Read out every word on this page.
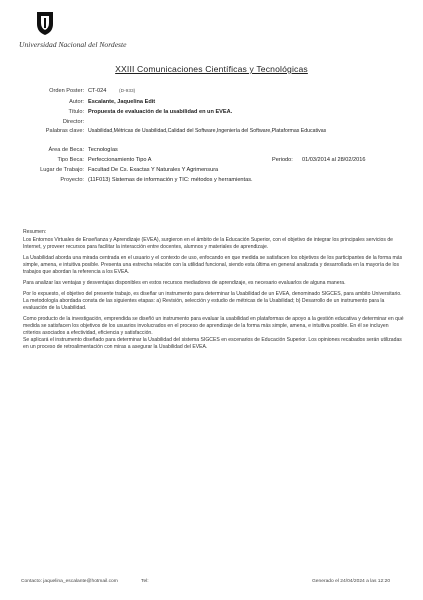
Universidad Nacional del Nordeste
XXIII Comunicaciones Científicas y Tecnológicas
Orden Poster: CT-024	(D-933)
Autor: Escalante, Jaquelina Edit
Título: Propuesta de evaluación de la usabilidad en un EVEA.
Director:
Palabras clave: Usabilidad,Métricas de Usabilidad,Calidad del Software,Ingeniería del Software,Plataformas Educativas
Área de Beca: Tecnologías
Tipo Beca: Perfeccionamiento Tipo A	Periodo: 01/03/2014 al 28/02/2016
Lugar de Trabajo: Facultad De Cs. Exactas Y Naturales Y Agrimensura
Proyecto: (11F013) Sistemas de información y TIC: métodos y herramientas.

Resumen:

Los Entornos Virtuales de Enseñanza y Aprendizaje (EVEA), surgieron en el ámbito de la Educación Superior, con el objetivo de integrar los principales servicios de Internet, y proveer recursos para facilitar la interacción entre docentes, alumnos y materiales de aprendizaje.

La Usabilidad aborda una mirada centrada en el usuario y el contexto de uso, enfocando en que medida se satisfacen los objetivos de los participantes de la forma más simple, amena, e intuitiva posible. Presenta una estrecha relación con la utilidad funcional, siendo esta última en general analizada y desarrollada en la mayoría de los trabajos que abordan la referencia a los EVEA.

Para analizar las ventajas y desventajas disponibles en estos recursos mediadores de aprendizaje, es necesario evaluarlos de alguna manera.

Por lo expuesto, el objetivo del presente trabajo, es diseñar un instrumento para determinar la Usabilidad de un EVEA, denominado SIGCES, para ambito Universitario.

La metodología abordada consta de las siguientes etapas: a) Revisión, selección y estudio de métricas de la Usabilidad; b) Desarrollo de un instrumento para la evaluación de la Usabilidad.

Como producto de la investigación, emprendida se diseñó un instrumento para evaluar la usabilidad en plataformas de apoyo a la gestión educativa y determinar en qué medida se satisfacen los objetivos de los usuarios involucrados en el proceso de aprendizaje de la forma más simple, amena, e intuitiva posible. En él se incluyen criterios asociados a efectividad, eficiencia y satisfacción.

Se aplicará el instrumento diseñado para determinar la Usabilidad del sistema SIGCES en escenarios de Educación Superior. Los opiniones recabados serán utilizadas en un proceso de retroalimentación con miras a asegurar la Usabilidad del EVEA.

Contacto: jaquelina_escalante@hotmail.com	Tel:	Generado el 24/04/2024 a las 12:20
